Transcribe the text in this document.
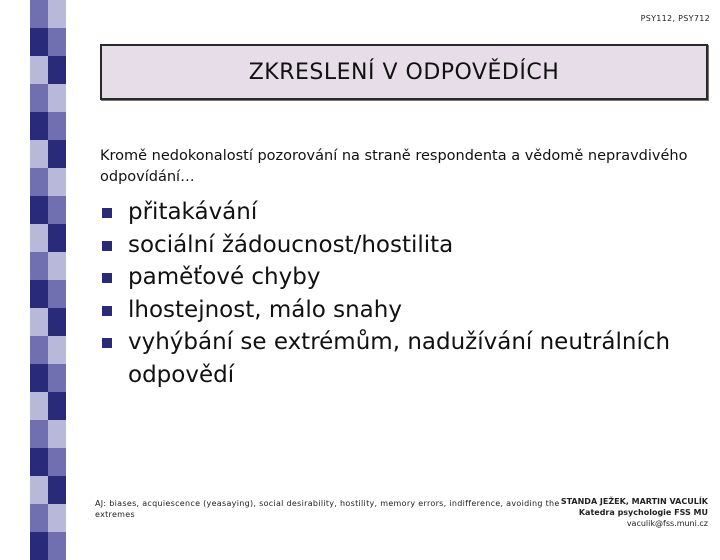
PSY112, PSY712
ZKRESLENÍ V ODPOVĚDÍCH
Kromě nedokonalostí pozorování na straně respondenta a vědomě nepravdivého odpovídání…
přitakávání
sociální žádoucnost/hostilita
paměťové chyby
lhostejnost, málo snahy
vyhýbání se extrémům, nadužívání neutrálních odpovědí
AJ: biases, acquiescence (yeasaying), social desirability, hostility, memory errors, indifference, avoiding the extremes
STANDA JEŽEK, MARTIN VACULÍK
Katedra psychologie FSS MU
vaculik@fss.muni.cz
